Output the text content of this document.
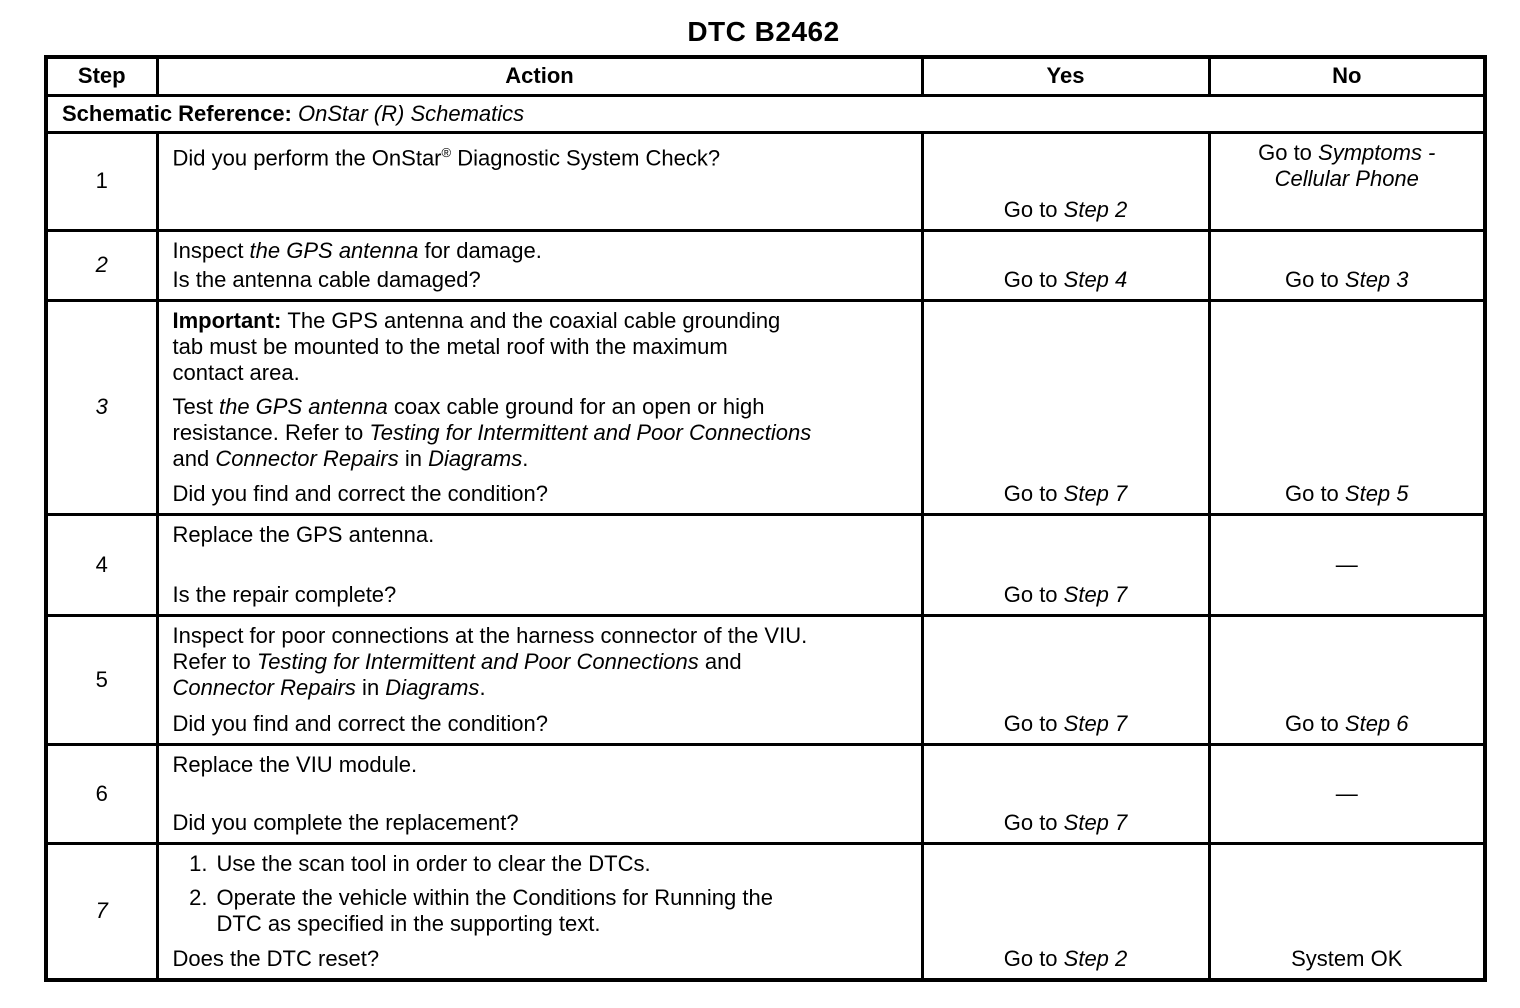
DTC B2462
Step	Action	Yes	No
Schematic Reference: OnStar (R) Schematics			
1	Did you perform the OnStar® Diagnostic System Check?	Go to Step 2	Go to Symptoms -
Cellular Phone

2	Inspect the GPS antenna for damage.
Is the antenna cable damaged?	Go to Step 4	Go to Step 3

3	
Important: The GPS antenna and the coaxial cable grounding
tab must be mounted to the metal roof with the maximum
contact area.
Test the GPS antenna coax cable ground for an open or high
resistance. Refer to Testing for Intermittent and Poor Connections
and Connector Repairs in Diagrams.
Did you find and correct the condition?	Go to Step 7	Go to Step 5

4	Replace the GPS antenna.
Is the repair complete?	Go to Step 7	—

5	Inspect for poor connections at the harness connector of the VIU.
Refer to Testing for Intermittent and Poor Connections and
Connector Repairs in Diagrams.
Did you find and correct the condition?	Go to Step 7	Go to Step 6

6	Replace the VIU module.
Did you complete the replacement?	Go to Step 7	—

7	
1. Use the scan tool in order to clear the DTCs.
2. Operate the vehicle within the Conditions for Running the
DTC as specified in the supporting text.
Does the DTC reset?	Go to Step 2	System OK
